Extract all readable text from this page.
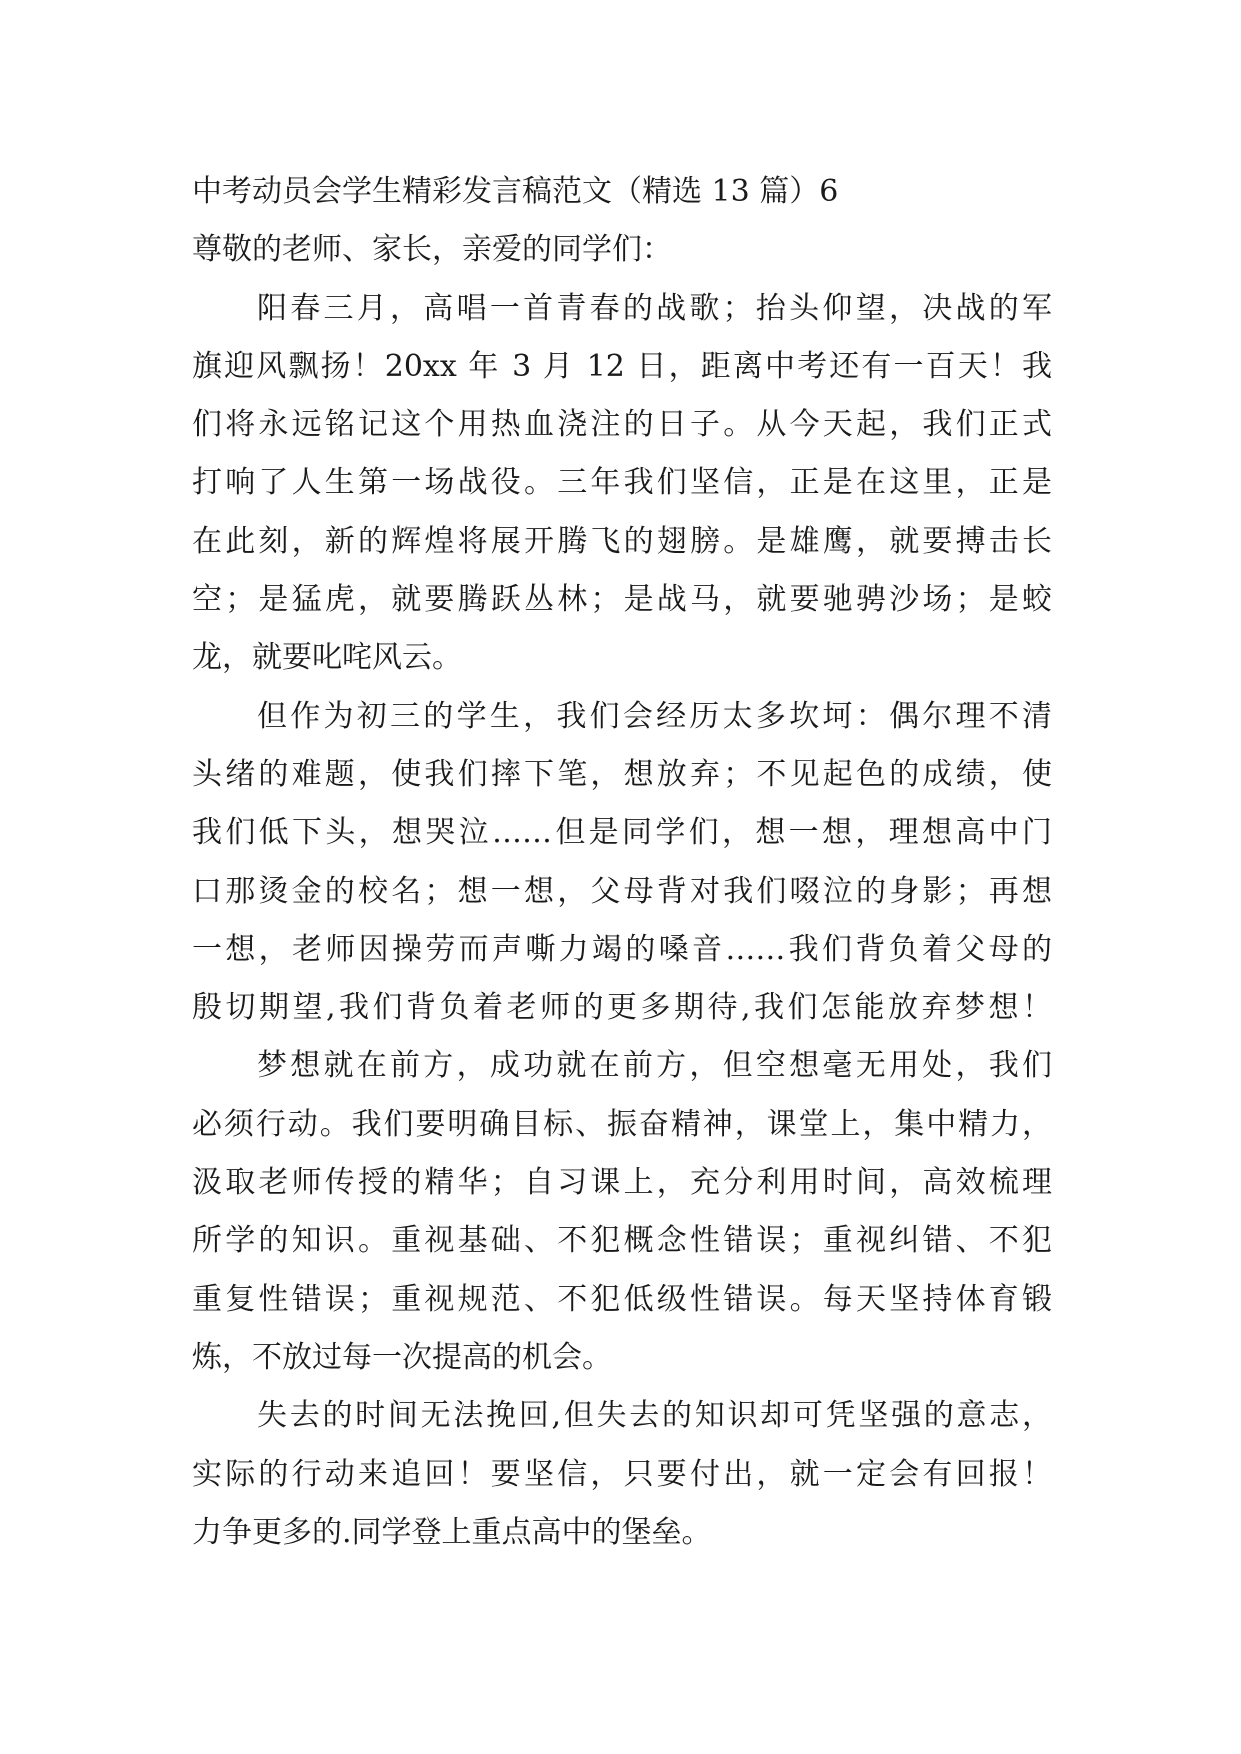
中考动员会学生精彩发言稿范文（精选 13 篇）6
尊敬的老师、家长，亲爱的同学们：
阳春三月，高唱一首青春的战歌；抬头仰望，决战的军
旗迎风飘扬！20xx 年 3 月 12 日，距离中考还有一百天！我
们将永远铭记这个用热血浇注的日子。从今天起，我们正式
打响了人生第一场战役。三年我们坚信，正是在这里，正是
在此刻，新的辉煌将展开腾飞的翅膀。是雄鹰，就要搏击长
空；是猛虎，就要腾跃丛林；是战马，就要驰骋沙场；是蛟
龙，就要叱咤风云。
但作为初三的学生，我们会经历太多坎坷：偶尔理不清
头绪的难题，使我们摔下笔，想放弃；不见起色的成绩，使
我们低下头，想哭泣……但是同学们，想一想，理想高中门
口那烫金的校名；想一想，父母背对我们啜泣的身影；再想
一想，老师因操劳而声嘶力竭的嗓音……我们背负着父母的
殷切期望,我们背负着老师的更多期待,我们怎能放弃梦想！
梦想就在前方，成功就在前方，但空想毫无用处，我们
必须行动。我们要明确目标、振奋精神，课堂上，集中精力，
汲取老师传授的精华；自习课上，充分利用时间，高效梳理
所学的知识。重视基础、不犯概念性错误；重视纠错、不犯
重复性错误；重视规范、不犯低级性错误。每天坚持体育锻
炼，不放过每一次提高的机会。
失去的时间无法挽回,但失去的知识却可凭坚强的意志，
实际的行动来追回！要坚信，只要付出，就一定会有回报！
力争更多的.同学登上重点高中的堡垒。
